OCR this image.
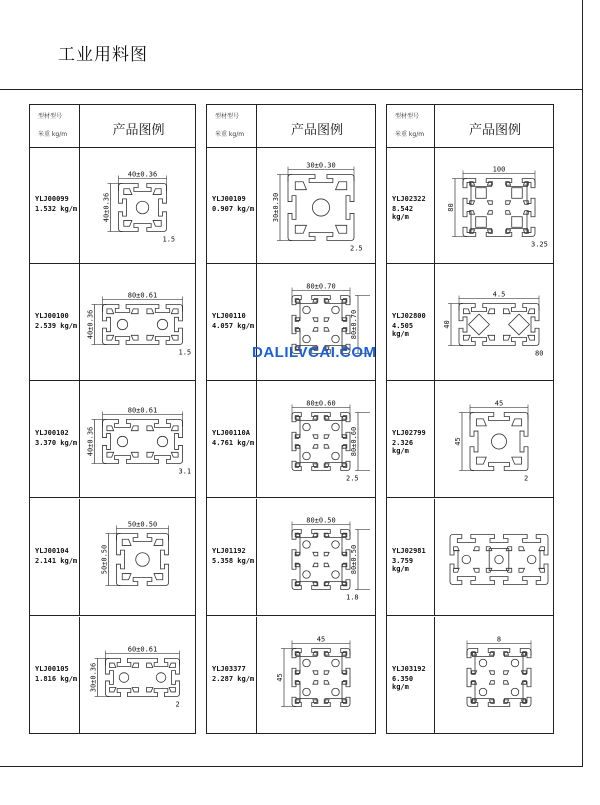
工业用料图
型材型号
米重 kg/m	产品图例
YLJ00099
1.532 kg/m
40±0.36
40±0.36
1.5
YLJ00100
2.539 kg/m
80±0.61
40±0.36
1.5
YLJ00102
3.370 kg/m
80±0.61
40±0.36
3.1
YLJ00104
2.141 kg/m
50±0.50
50±0.50
YLJ00105
1.816 kg/m
60±0.61
30±0.36
2
型材型号
米重 kg/m	产品图例
YLJ00109
0.907 kg/m
30±0.30
30±0.30
2.5
YLJ00110
4.057 kg/m
80±0.70
80±0.70
YLJ00110A
4.761 kg/m
80±0.60
80±0.60
2.5
YLJ01192
5.358 kg/m
80±0.50
80±0.50
1.8
YLJ03377
2.287 kg/m
45
45
型材型号
米重 kg/m	产品图例
YLJ02322
8.542 kg/m
100
80
3.25
YLJ02800
4.505 kg/m
4.5
40
80
YLJ02799
2.326 kg/m
45
45
2
YLJ02981
3.759 kg/m
YLJ03192
6.350 kg/m
8
DALILVCAI.COM
